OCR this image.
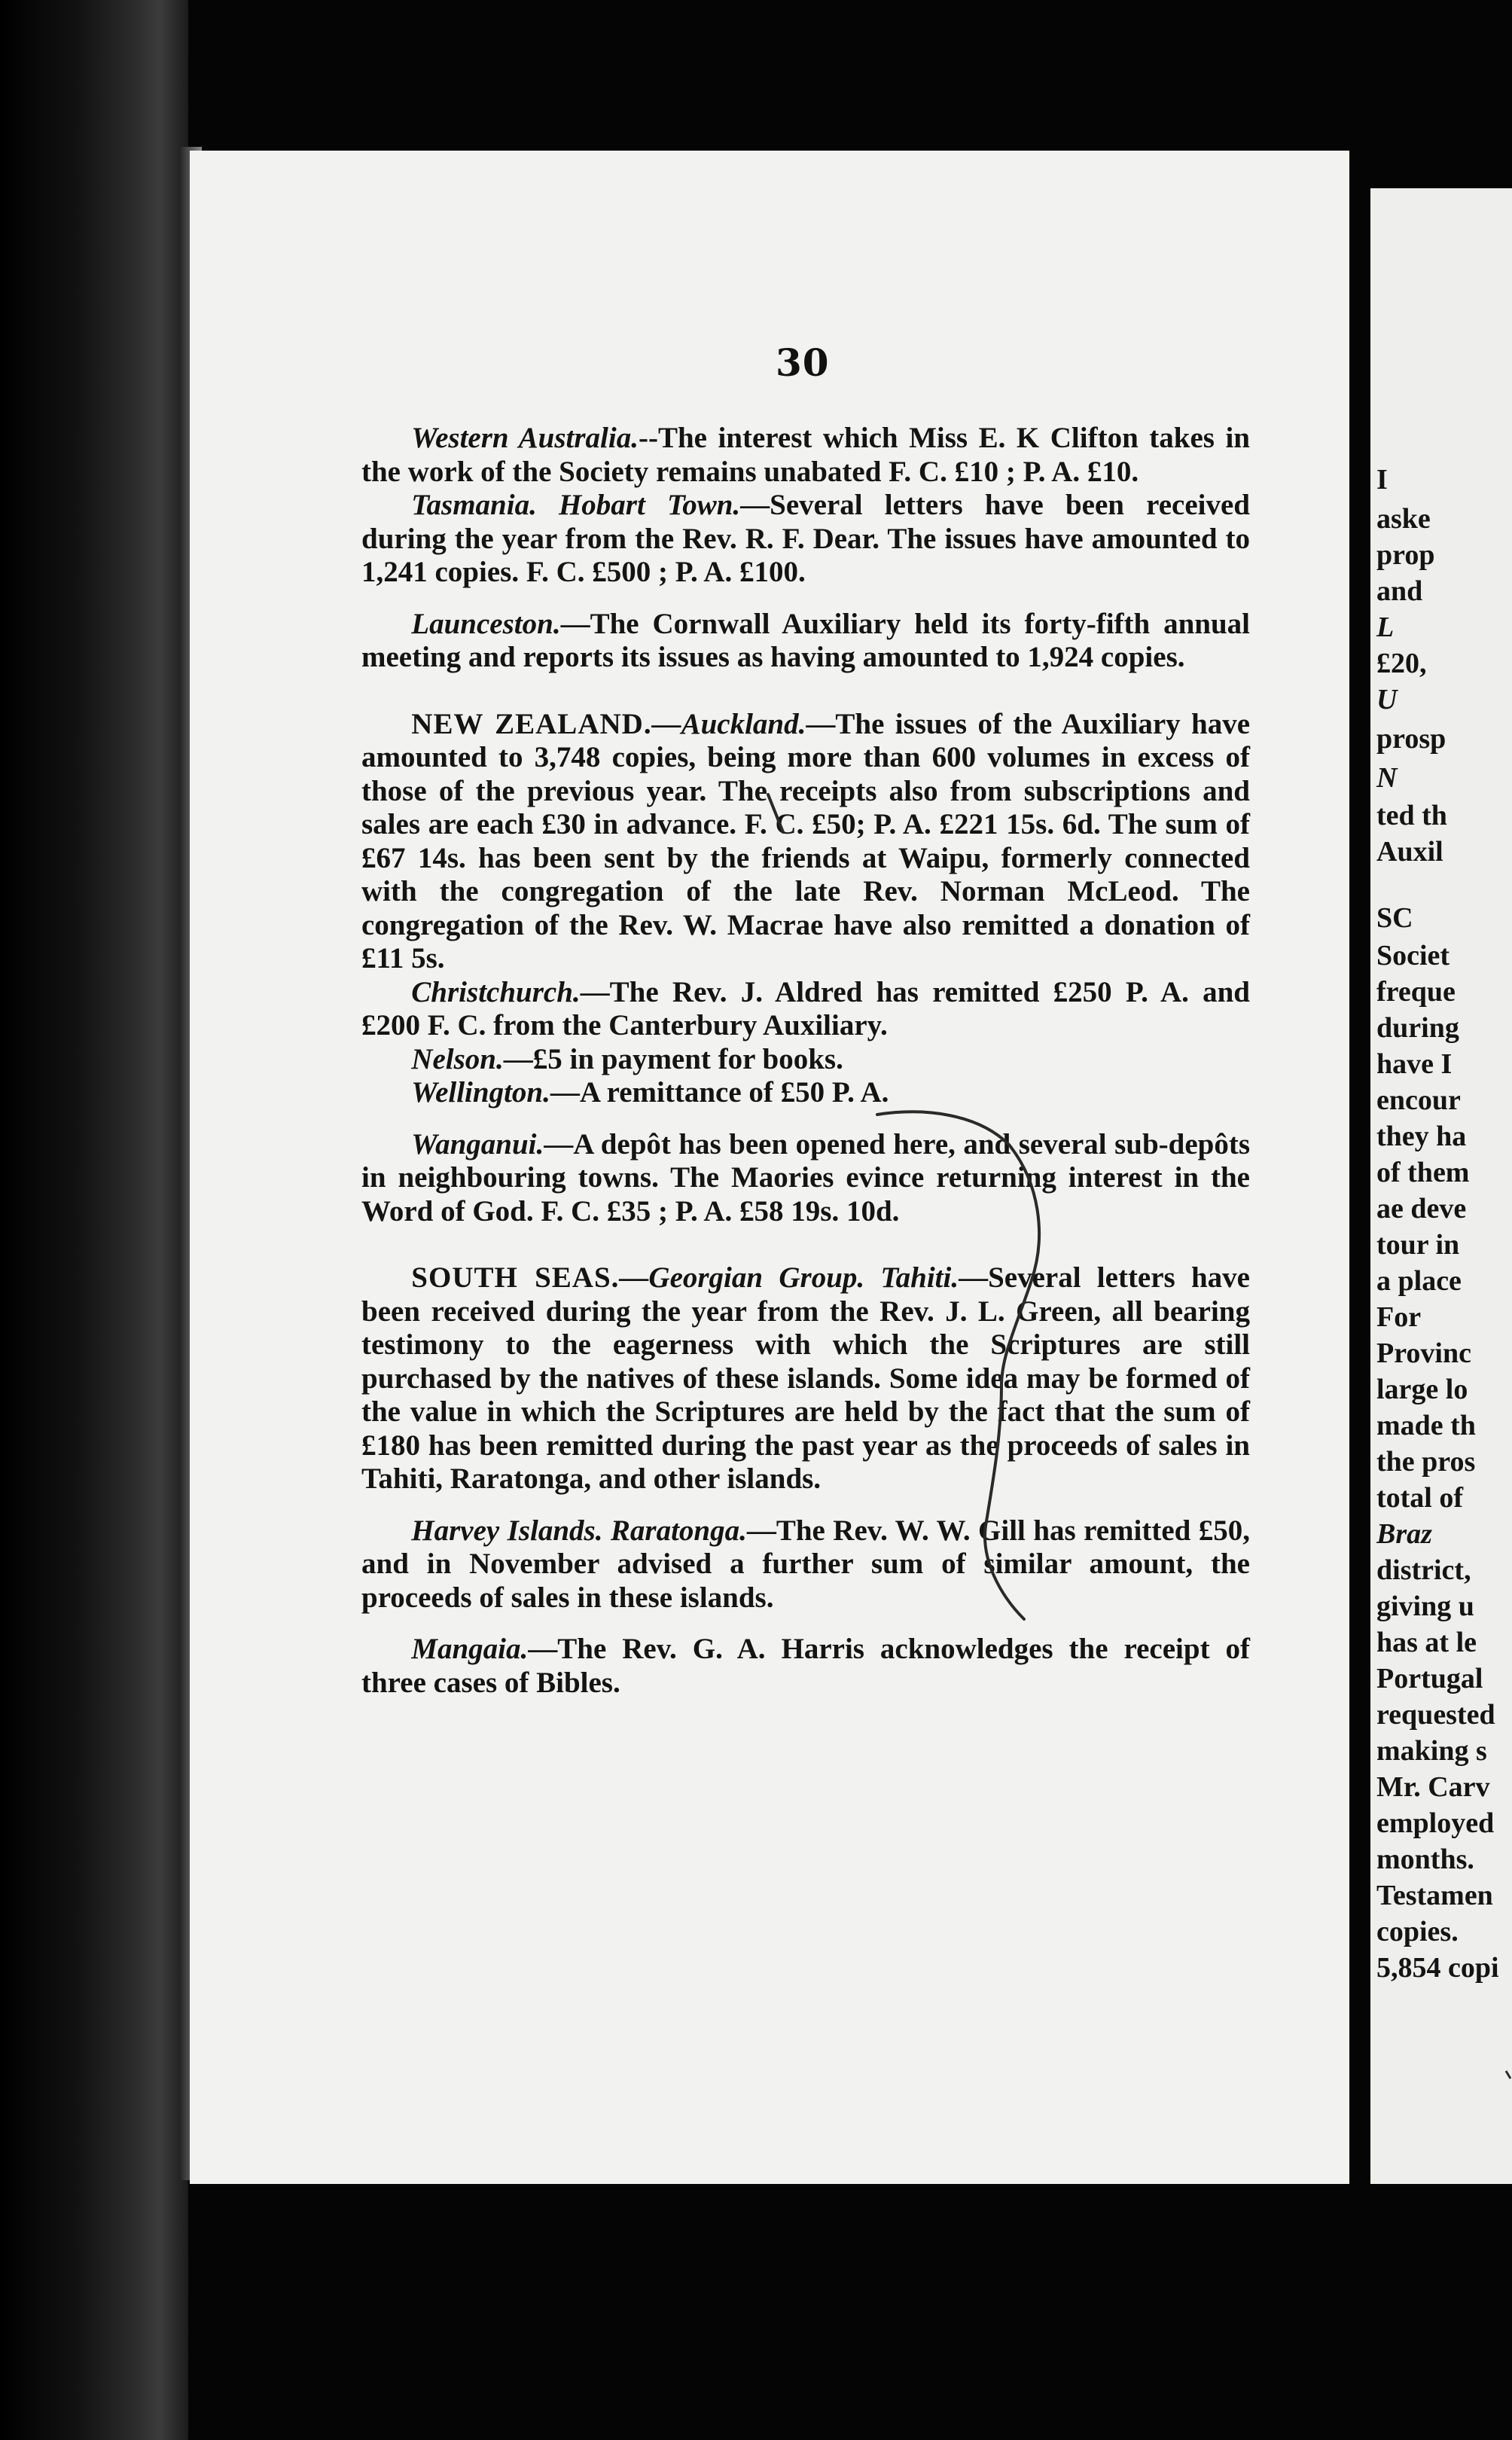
I

aske

prop

and

L

£20,

U

prosp

N

ted th

Auxil

SC

Societ

freque

during

have I

encour

they ha

of them

ae deve

tour in

a place

For

Provinc

large lo

made th

the pros

total of

Braz

district,

giving u

has at le

Portugal

requested

making s

Mr. Carv

employed

months.

Testamen

copies.

5,854 copi

30

Western Australia.--The interest which Miss E. K Clifton takes in the work of the Society remains unabated F. C. £10 ; P. A. £10.

Tasmania. Hobart Town.—Several letters have been received during the year from the Rev. R. F. Dear. The issues have amounted to 1,241 copies. F. C. £500 ; P. A. £100.

Launceston.—The Cornwall Auxiliary held its forty-fifth annual meeting and reports its issues as having amounted to 1,924 copies.

NEW ZEALAND.—Auckland.—The issues of the Auxiliary have amounted to 3,748 copies, being more than 600 volumes in excess of those of the previous year. The receipts also from subscriptions and sales are each £30 in advance. F. C. £50; P. A. £221 15s. 6d. The sum of £67 14s. has been sent by the friends at Waipu, formerly connected with the congregation of the late Rev. Norman McLeod. The congregation of the Rev. W. Macrae have also remitted a donation of £11 5s.

Christchurch.—The Rev. J. Aldred has remitted £250 P. A. and £200 F. C. from the Canterbury Auxiliary.

Nelson.—£5 in payment for books.

Wellington.—A remittance of £50 P. A.

Wanganui.—A depôt has been opened here, and several sub-depôts in neighbouring towns. The Maories evince returning interest in the Word of God. F. C. £35 ; P. A. £58 19s. 10d.

SOUTH SEAS.—Georgian Group. Tahiti.—Several letters have been received during the year from the Rev. J. L. Green, all bearing testimony to the eagerness with which the Scriptures are still purchased by the natives of these islands. Some idea may be formed of the value in which the Scriptures are held by the fact that the sum of £180 has been remitted during the past year as the proceeds of sales in Tahiti, Raratonga, and other islands.

Harvey Islands. Raratonga.—The Rev. W. W. Gill has remitted £50, and in November advised a further sum of similar amount, the proceeds of sales in these islands.

Mangaia.—The Rev. G. A. Harris acknowledges the receipt of three cases of Bibles.
